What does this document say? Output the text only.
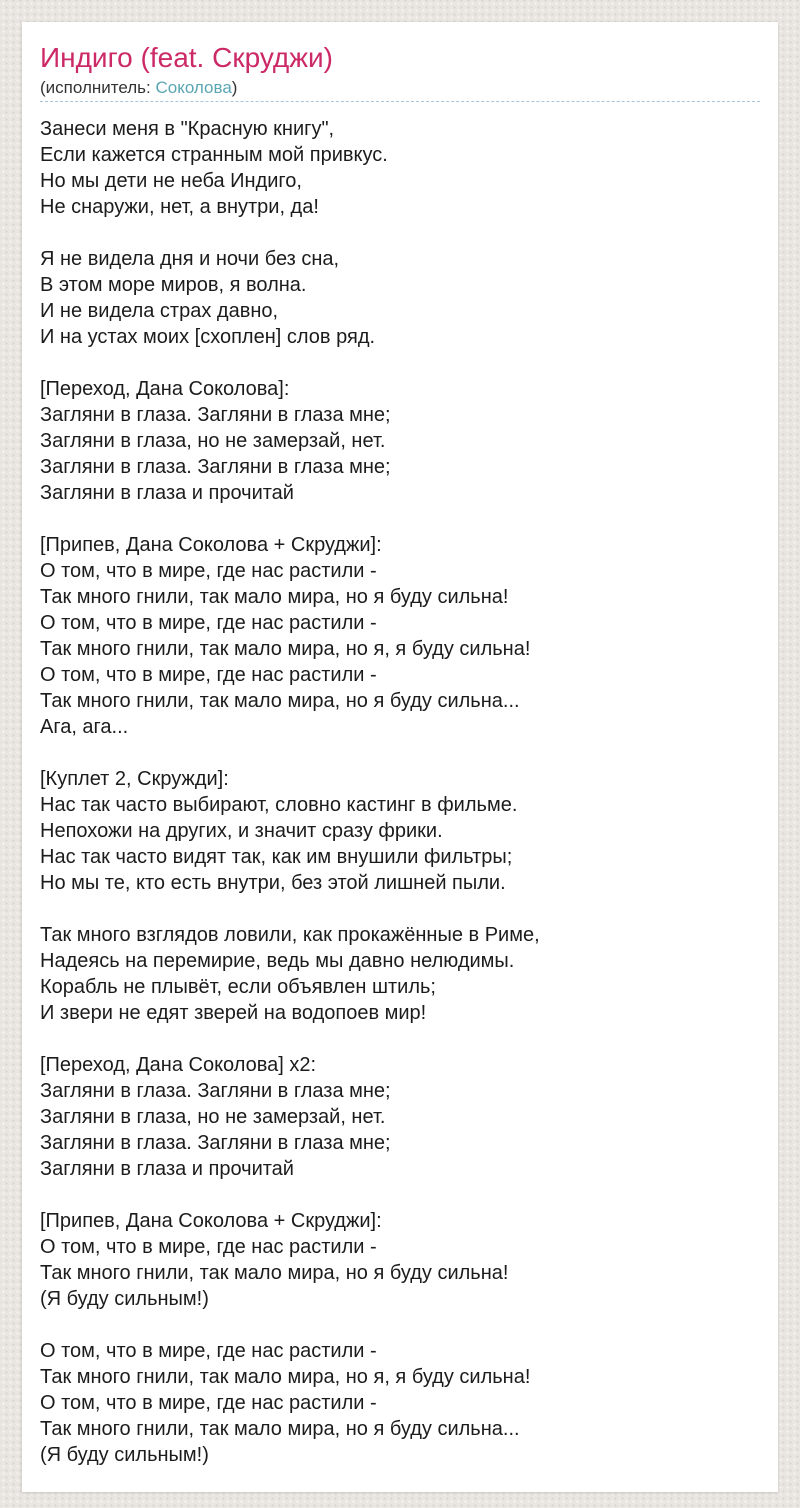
Индиго (feat. Скруджи)
(исполнитель: Соколова)
Занеси меня в "Красную книгу",
Если кажется странным мой привкус.
Но мы дети не неба Индиго,
Не снаружи, нет, а внутри, да!
Я не видела дня и ночи без сна,
В этом море миров, я волна.
И не видела страх давно,
И на устах моих [схоплен] слов ряд.
[Переход, Дана Соколова]:
Загляни в глаза. Загляни в глаза мне;
Загляни в глаза, но не замерзай, нет.
Загляни в глаза. Загляни в глаза мне;
Загляни в глаза и прочитай
[Припев, Дана Соколова + Скруджи]:
О том, что в мире, где нас растили -
Так много гнили, так мало мира, но я буду сильна!
О том, что в мире, где нас растили -
Так много гнили, так мало мира, но я, я буду сильна!
О том, что в мире, где нас растили -
Так много гнили, так мало мира, но я буду сильна...
Ага, ага...
[Куплет 2, Скружди]:
Нас так часто выбирают, словно кастинг в фильме.
Непохожи на других, и значит сразу фрики.
Нас так часто видят так, как им внушили фильтры;
Но мы те, кто есть внутри, без этой лишней пыли.
Так много взглядов ловили, как прокажённые в Риме,
Надеясь на перемирие, ведь мы давно нелюдимы.
Корабль не плывёт, если объявлен штиль;
И звери не едят зверей на водопоев мир!
[Переход, Дана Соколова] x2:
Загляни в глаза. Загляни в глаза мне;
Загляни в глаза, но не замерзай, нет.
Загляни в глаза. Загляни в глаза мне;
Загляни в глаза и прочитай
[Припев, Дана Соколова + Скруджи]:
О том, что в мире, где нас растили -
Так много гнили, так мало мира, но я буду сильна!
(Я буду сильным!)
О том, что в мире, где нас растили -
Так много гнили, так мало мира, но я, я буду сильна!
О том, что в мире, где нас растили -
Так много гнили, так мало мира, но я буду сильна...
(Я буду сильным!)
